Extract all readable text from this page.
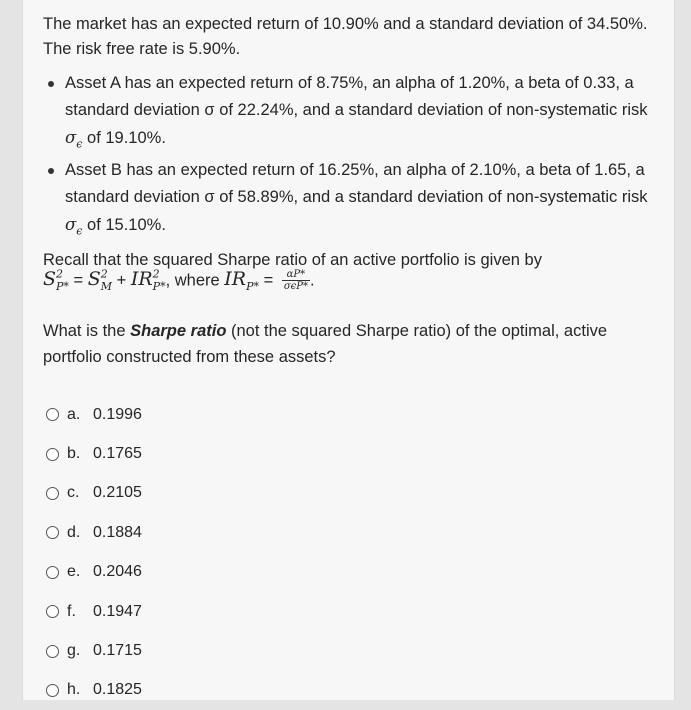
The market has an expected return of 10.90% and a standard deviation of 34.50%.
The risk free rate is 5.90%.
Asset A has an expected return of 8.75%, an alpha of 1.20%, a beta of 0.33, a standard deviation σ of 22.24%, and a standard deviation of non-systematic risk
$\sigma_\epsilon$ of 19.10%.
Asset B has an expected return of 16.25%, an alpha of 2.10%, a beta of 1.65, a standard deviation σ of 58.89%, and a standard deviation of non-systematic risk
$\sigma_\epsilon$ of 15.10%.
Recall that the squared Sharpe ratio of an active portfolio is given by
$S^2_{P*} = S^2_M + IR^2_{P*}$, where $IR_{P*} = \frac{\alpha P*}{\text{σϵP*}}$ .
What is the Sharpe ratio (not the squared Sharpe ratio) of the optimal, active portfolio constructed from these assets?
a. 0.1996
b. 0.1765
c. 0.2105
d. 0.1884
e. 0.2046
f.	0.1947
g. 0.1715
h. 0.1825
